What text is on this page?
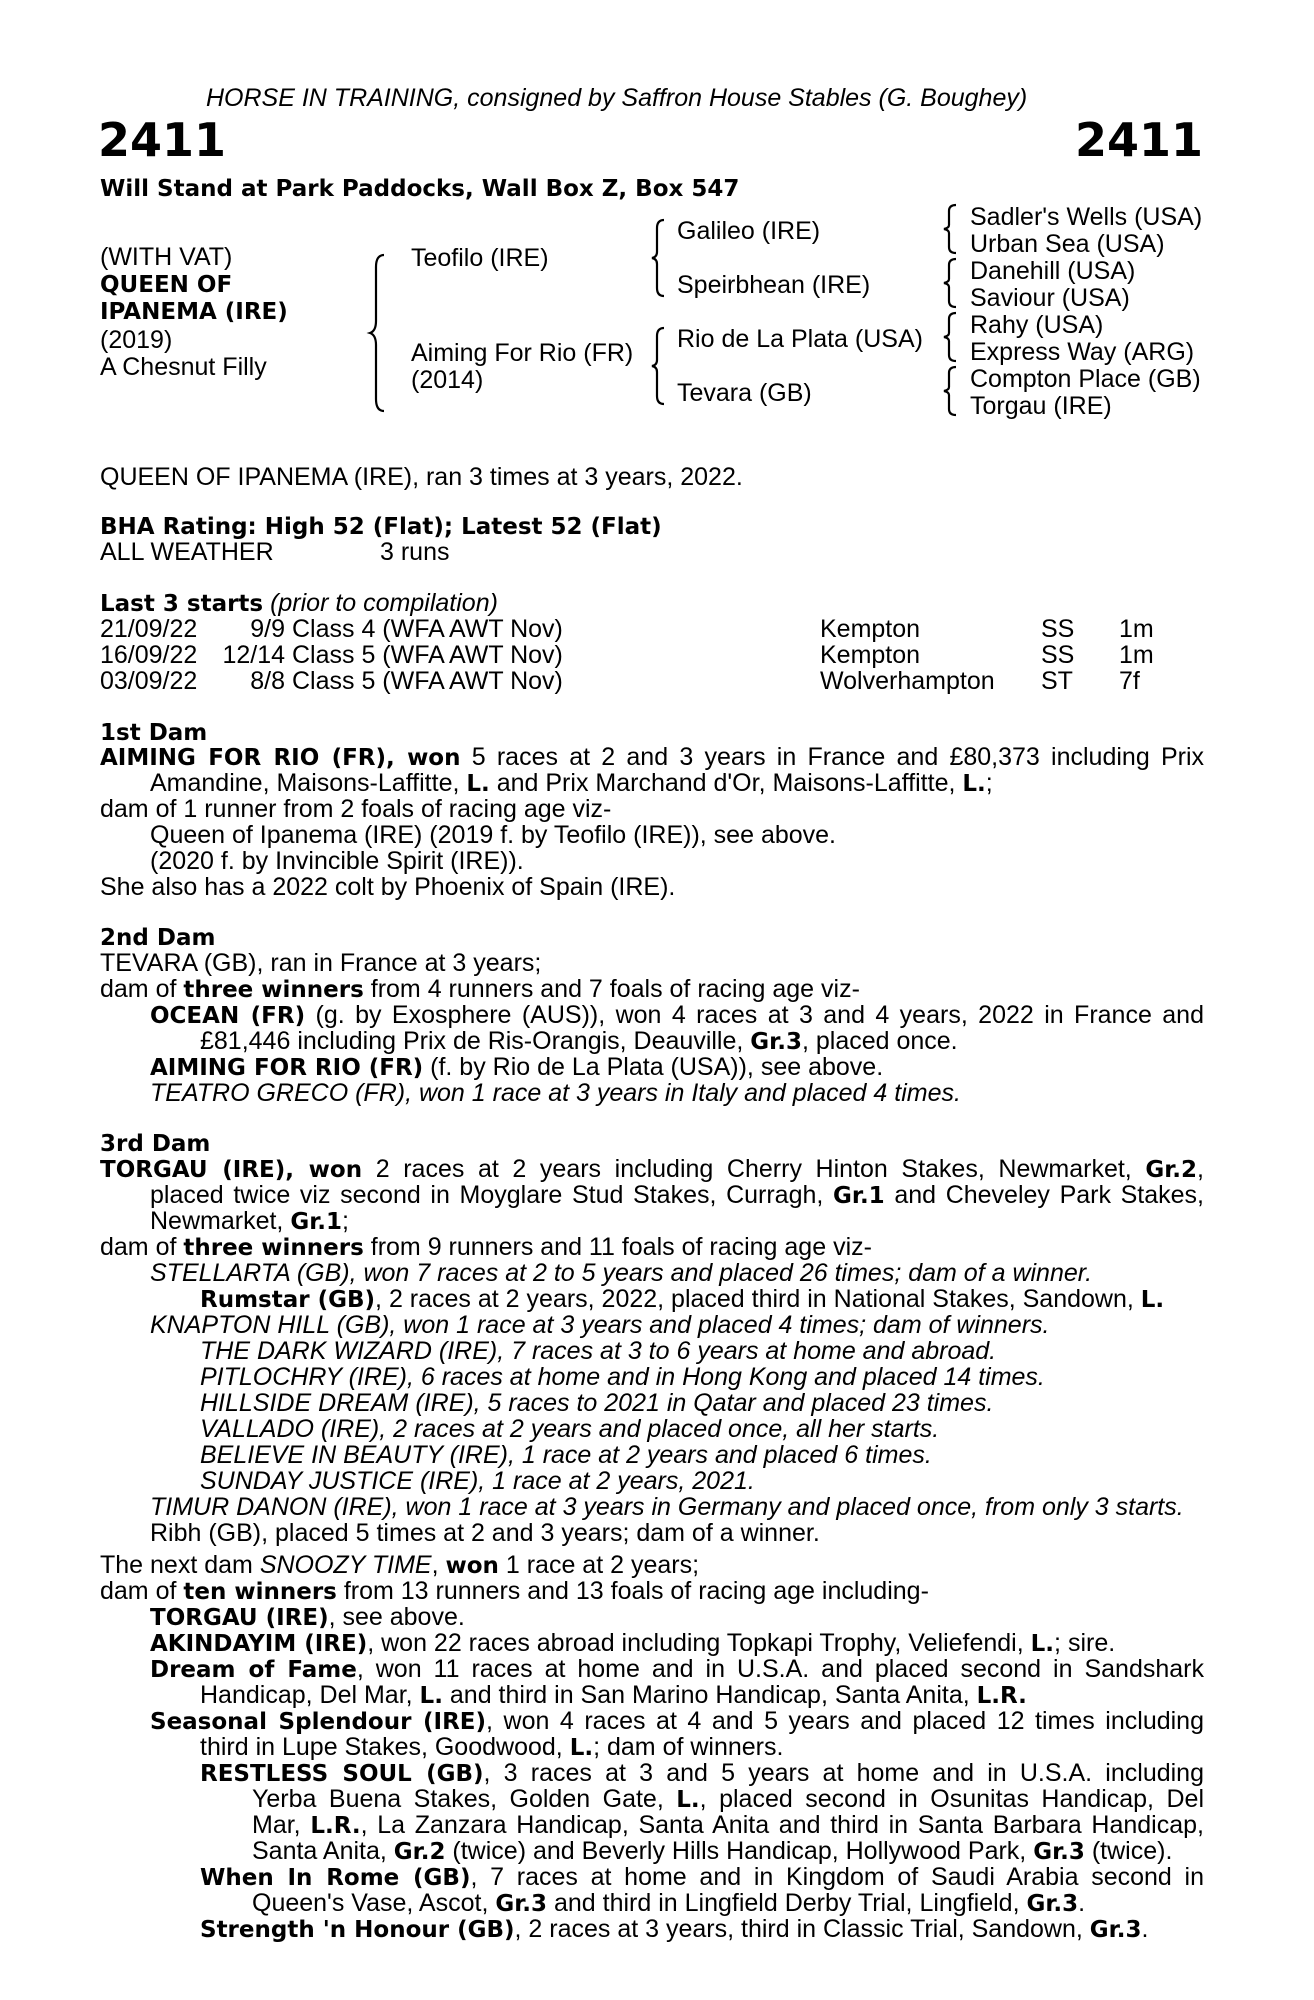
HORSE IN TRAINING, consigned by Saffron House Stables (G. Boughey)
2411	2411
Will Stand at Park Paddocks, Wall Box Z, Box 547
(WITH VAT)
QUEEN OF
IPANEMA (IRE)
(2019)
A Chesnut Filly
Teofilo (IRE)
Aiming For Rio (FR)
(2014)
Galileo (IRE)
Speirbhean (IRE)
Rio de La Plata (USA)
Tevara (GB)
Sadler's Wells (USA)
Urban Sea (USA)
Danehill (USA)
Saviour (USA)
Rahy (USA)
Express Way (ARG)
Compton Place (GB)
Torgau (IRE)
QUEEN OF IPANEMA (IRE), ran 3 times at 3 years, 2022.
BHA Rating: High 52 (Flat); Latest 52 (Flat)
ALL WEATHER	3 runs
Last 3 starts (prior to compilation)
21/09/22	9/9 Class 4 (WFA AWT Nov)	Kempton	SS 1m
16/09/22	12/14 Class 5 (WFA AWT Nov)	Kempton	SS 1m
03/09/22	8/8 Class 5 (WFA AWT Nov)	Wolverhampton ST 7f
1st Dam
AIMING FOR RIO (FR), won 5 races at 2 and 3 years in France and £80,373 including Prix
Amandine, Maisons-Laffitte, L. and Prix Marchand d'Or, Maisons-Laffitte, L.;
dam of 1 runner from 2 foals of racing age viz-
Queen of Ipanema (IRE) (2019 f. by Teofilo (IRE)), see above.
(2020 f. by Invincible Spirit (IRE)).
She also has a 2022 colt by Phoenix of Spain (IRE).
2nd Dam
TEVARA (GB), ran in France at 3 years;
dam of three winners from 4 runners and 7 foals of racing age viz-
OCEAN (FR) (g. by Exosphere (AUS)), won 4 races at 3 and 4 years, 2022 in France and
£81,446 including Prix de Ris-Orangis, Deauville, Gr.3, placed once.
AIMING FOR RIO (FR) (f. by Rio de La Plata (USA)), see above.
TEATRO GRECO (FR), won 1 race at 3 years in Italy and placed 4 times.
3rd Dam
TORGAU (IRE), won 2 races at 2 years including Cherry Hinton Stakes, Newmarket, Gr.2,
placed twice viz second in Moyglare Stud Stakes, Curragh, Gr.1 and Cheveley Park Stakes,
Newmarket, Gr.1;
dam of three winners from 9 runners and 11 foals of racing age viz-
STELLARTA (GB), won 7 races at 2 to 5 years and placed 26 times; dam of a winner.
Rumstar (GB), 2 races at 2 years, 2022, placed third in National Stakes, Sandown, L.
KNAPTON HILL (GB), won 1 race at 3 years and placed 4 times; dam of winners.
THE DARK WIZARD (IRE), 7 races at 3 to 6 years at home and abroad.
PITLOCHRY (IRE), 6 races at home and in Hong Kong and placed 14 times.
HILLSIDE DREAM (IRE), 5 races to 2021 in Qatar and placed 23 times.
VALLADO (IRE), 2 races at 2 years and placed once, all her starts.
BELIEVE IN BEAUTY (IRE), 1 race at 2 years and placed 6 times.
SUNDAY JUSTICE (IRE), 1 race at 2 years, 2021.
TIMUR DANON (IRE), won 1 race at 3 years in Germany and placed once, from only 3 starts.
Ribh (GB), placed 5 times at 2 and 3 years; dam of a winner.
The next dam SNOOZY TIME, won 1 race at 2 years;
dam of ten winners from 13 runners and 13 foals of racing age including-
TORGAU (IRE), see above.
AKINDAYIM (IRE), won 22 races abroad including Topkapi Trophy, Veliefendi, L.; sire.
Dream of Fame, won 11 races at home and in U.S.A. and placed second in Sandshark
Handicap, Del Mar, L. and third in San Marino Handicap, Santa Anita, L.R.
Seasonal Splendour (IRE), won 4 races at 4 and 5 years and placed 12 times including
third in Lupe Stakes, Goodwood, L.; dam of winners.
RESTLESS SOUL (GB), 3 races at 3 and 5 years at home and in U.S.A. including
Yerba Buena Stakes, Golden Gate, L., placed second in Osunitas Handicap, Del
Mar, L.R., La Zanzara Handicap, Santa Anita and third in Santa Barbara Handicap,
Santa Anita, Gr.2 (twice) and Beverly Hills Handicap, Hollywood Park, Gr.3 (twice).
When In Rome (GB), 7 races at home and in Kingdom of Saudi Arabia second in
Queen's Vase, Ascot, Gr.3 and third in Lingfield Derby Trial, Lingfield, Gr.3.
Strength 'n Honour (GB), 2 races at 3 years, third in Classic Trial, Sandown, Gr.3.
